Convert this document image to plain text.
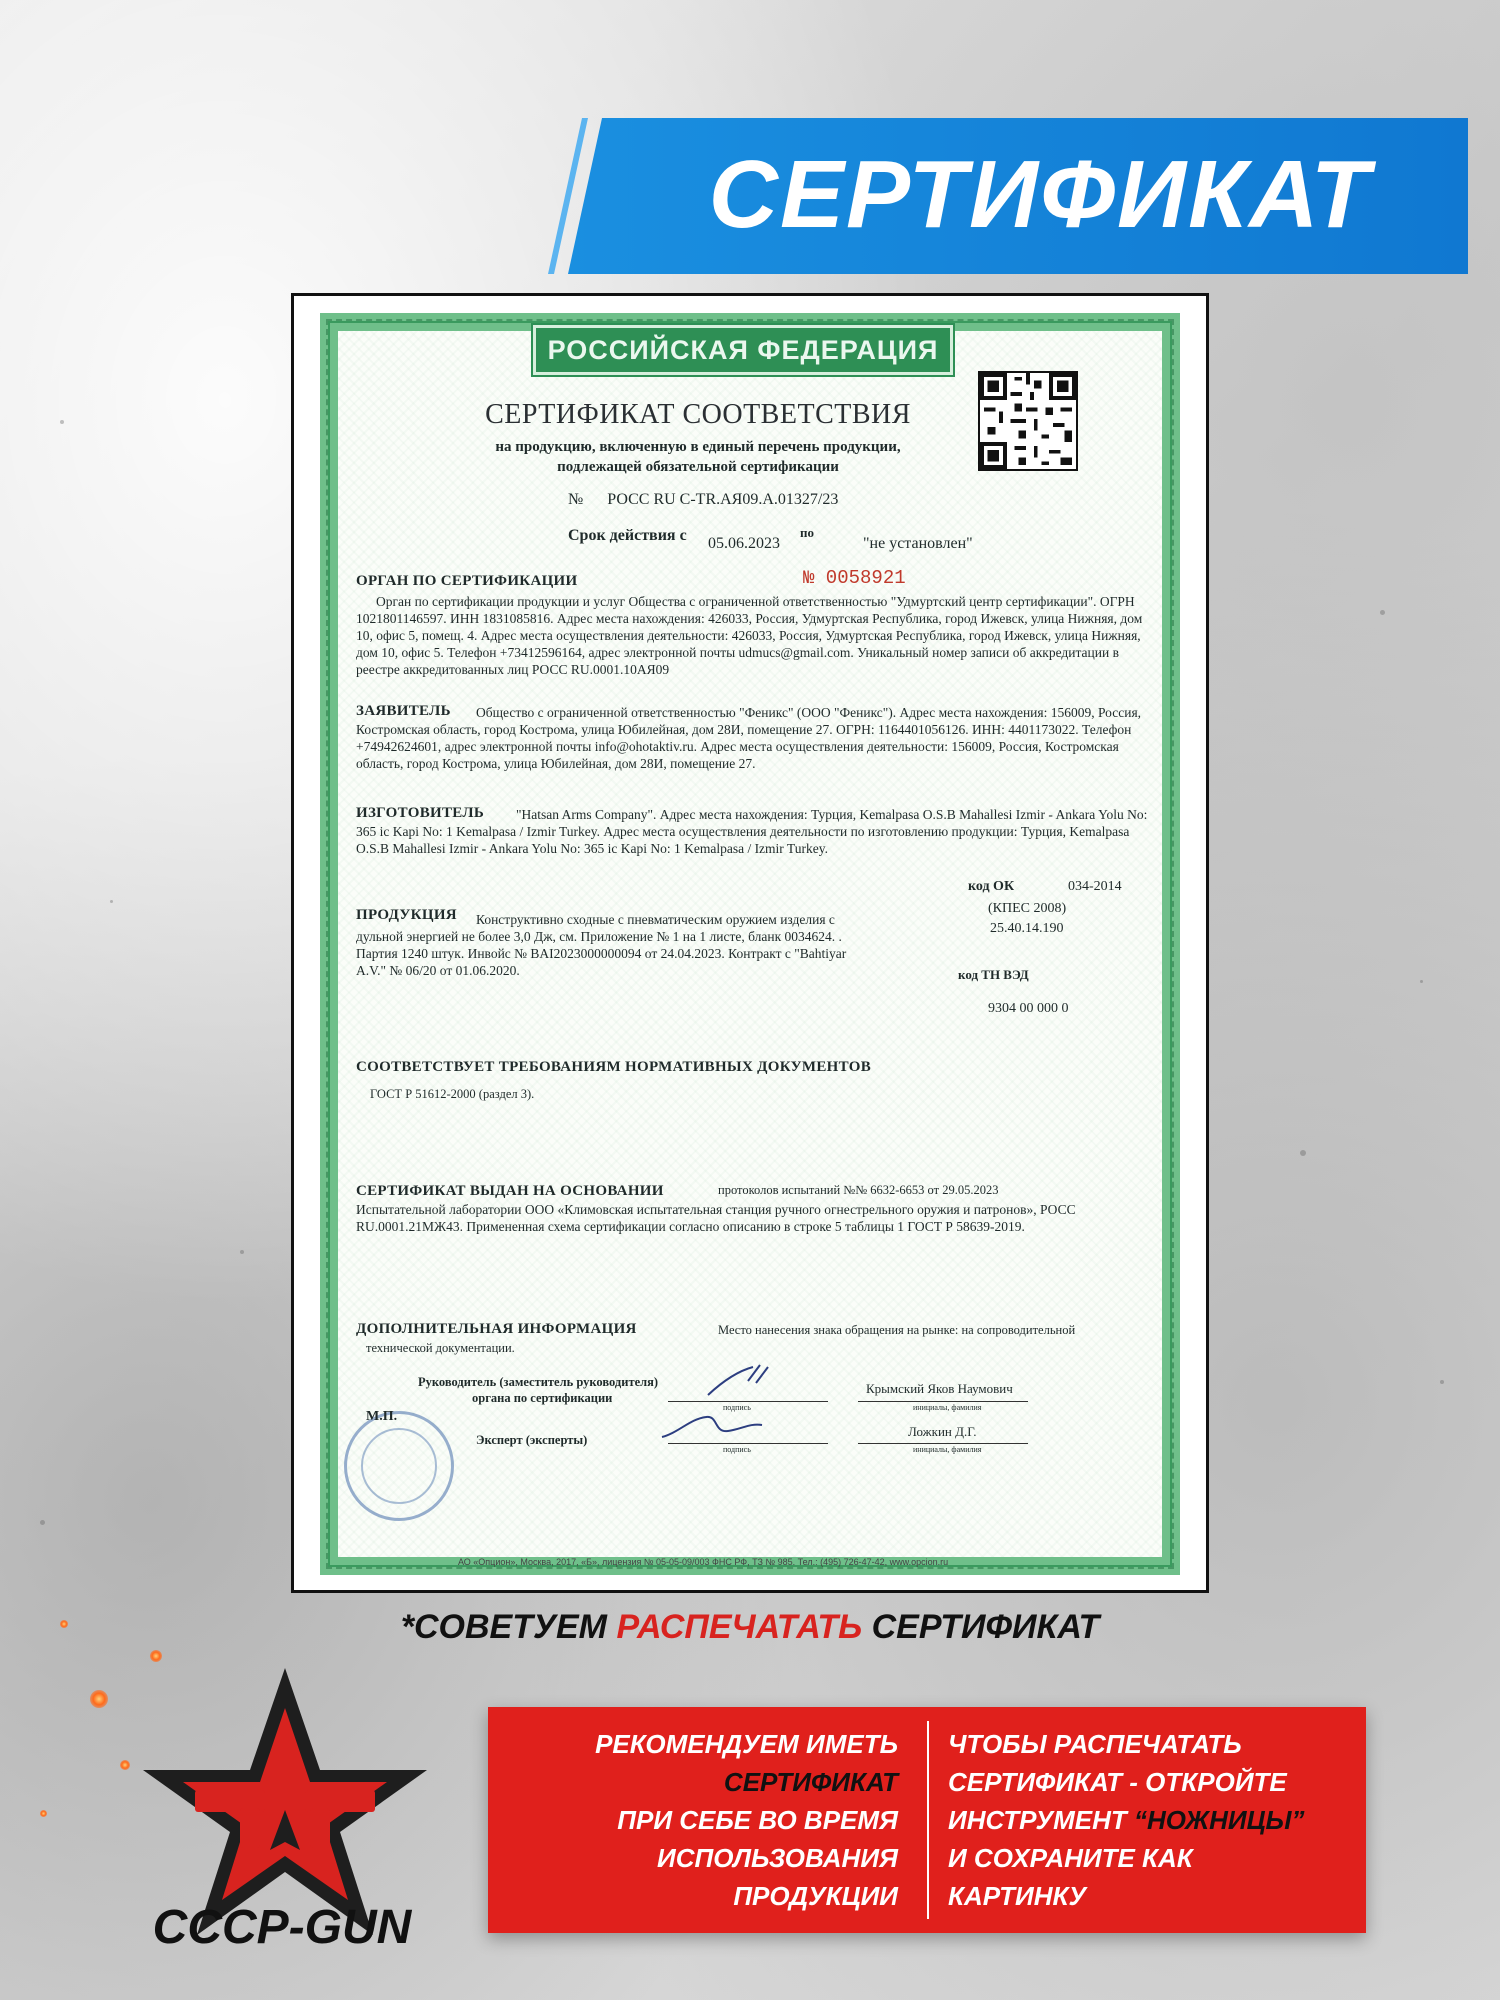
СЕРТИФИКАТ
РОССИЙСКАЯ ФЕДЕРАЦИЯ
СЕРТИФИКАТ СООТВЕТСТВИЯ
на продукцию, включенную в единый перечень продукции,
подлежащей обязательной сертификации
№ РОСС RU C-TR.АЯ09.А.01327/23
Срок действия с 05.06.2023
по
"не установлен"
№ 0058921
ОРГАН ПО СЕРТИФИКАЦИИ
Орган по сертификации продукции и услуг Общества с ограниченной ответственностью "Удмуртский центр сертификации". ОГРН 1021801146597. ИНН 1831085816. Адрес места нахождения: 426033, Россия, Удмуртская Республика, город Ижевск, улица Нижняя, дом 10, офис 5, помещ. 4. Адрес места осуществления деятельности: 426033, Россия, Удмуртская Республика, город Ижевск, улица Нижняя, дом 10, офис 5. Телефон +73412596164, адрес электронной почты udmucs@gmail.com. Уникальный номер записи об аккредитации в реестре аккредитованных лиц РОСС RU.0001.10АЯ09
ЗАЯВИТЕЛЬ	Общество с ограниченной ответственностью "Феникс" (ООО "Феникс"). Адрес места нахождения: 156009, Россия, Костромская область, город Кострома, улица Юбилейная, дом 28И, помещение 27. ОГРН: 1164401056126. ИНН: 4401173022. Телефон +74942624601, адрес электронной почты info@ohotaktiv.ru. Адрес места осуществления деятельности: 156009, Россия, Костромская область, город Кострома, улица Юбилейная, дом 28И, помещение 27.
ИЗГОТОВИТЕЛЬ	"Hatsan Arms Company". Адрес места нахождения: Турция, Kemalpasa O.S.B Mahallesi Izmir - Ankara Yolu No: 365 ic Kapi No: 1 Kemalpasa / Izmir Turkey. Адрес места осуществления деятельности по изготовлению продукции: Турция, Kemalpasa O.S.B Mahallesi Izmir - Ankara Yolu No: 365 ic Kapi No: 1 Kemalpasa / Izmir Turkey.
код ОК	034-2014
ПРОДУКЦИЯ	Конструктивно сходные с пневматическим оружием изделия с дульной энергией не более 3,0 Дж, см. Приложение № 1 на 1 листе, бланк 0034624. . Партия 1240 штук. Инвойс № BAI2023000000094 от 24.04.2023. Контракт с "Bahtiyar A.V." № 06/20 от 01.06.2020.
(КПЕС 2008)
25.40.14.190
код ТН ВЭД
9304 00 000 0
СООТВЕТСТВУЕТ ТРЕБОВАНИЯМ НОРМАТИВНЫХ ДОКУМЕНТОВ
ГОСТ Р 51612-2000 (раздел 3).
СЕРТИФИКАТ ВЫДАН НА ОСНОВАНИИ	протоколов испытаний №№ 6632-6653 от 29.05.2023
Испытательной лаборатории ООО «Климовская испытательная станция ручного огнестрельного оружия и патронов», РОСС RU.0001.21МЖ43. Примененная схема сертификации согласно описанию в строке 5 таблицы 1 ГОСТ Р 58639-2019.
ДОПОЛНИТЕЛЬНАЯ ИНФОРМАЦИЯ	Место нанесения знака обращения на рынке: на сопроводительной
технической документации.
Руководитель (заместитель руководителя)
органа по сертификации
М.П.
Эксперт (эксперты)
подпись
Крымский Яков Наумович
инициалы, фамилия
подпись
Ложкин Д.Г.
инициалы, фамилия
АО «Опцион», Москва, 2017, «Б», лицензия № 05-05-09/003 ФНС РФ, ТЗ № 985. Тел.: (495) 726-47-42, www.opcion.ru
*СОВЕТУЕМ РАСПЕЧАТАТЬ СЕРТИФИКАТ
СССР-GUN
РЕКОМЕНДУЕМ ИМЕТЬ
СЕРТИФИКАТ
ПРИ СЕБЕ ВО ВРЕМЯ
ИСПОЛЬЗОВАНИЯ
ПРОДУКЦИИ
ЧТОБЫ РАСПЕЧАТАТЬ
СЕРТИФИКАТ - ОТКРОЙТЕ
ИНСТРУМЕНТ “НОЖНИЦЫ”
И СОХРАНИТЕ КАК
КАРТИНКУ
